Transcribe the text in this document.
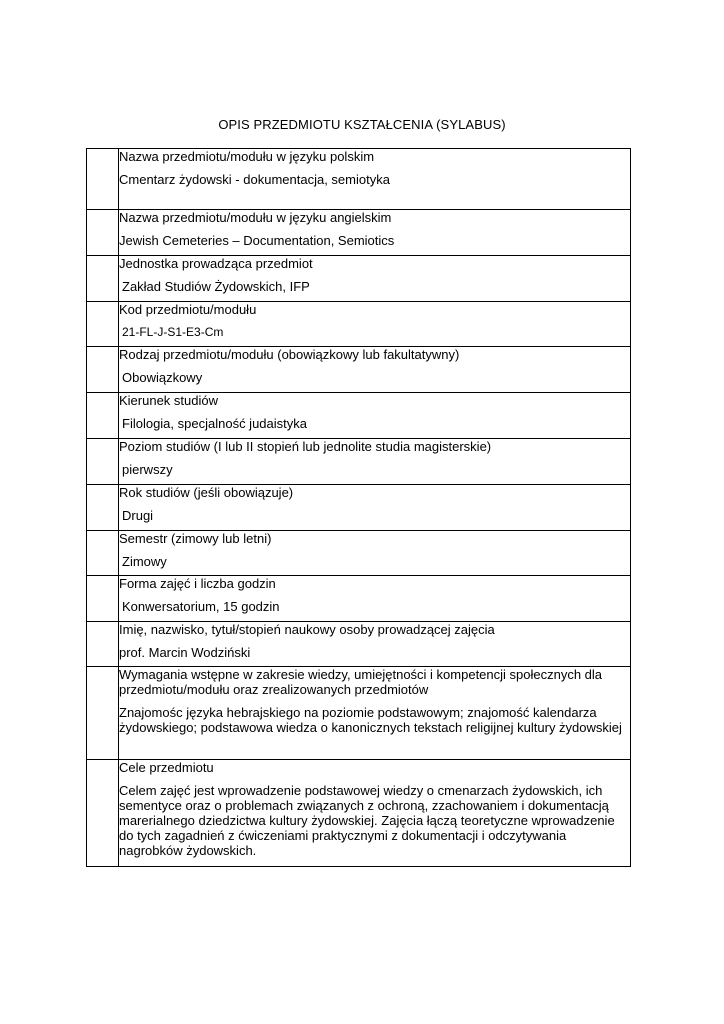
OPIS PRZEDMIOTU KSZTAŁCENIA (SYLABUS)

	Nazwa przedmiotu/modułu w języku polskim
Cmentarz żydowski - dokumentacja, semiotyka

	Nazwa przedmiotu/modułu w języku angielskim
Jewish Cemeteries – Documentation, Semiotics

	Jednostka prowadząca przedmiot
Zakład Studiów Żydowskich, IFP

	Kod przedmiotu/modułu
21-FL-J-S1-E3-Cm

	Rodzaj przedmiotu/modułu (obowiązkowy lub fakultatywny)
Obowiązkowy

	Kierunek studiów
Filologia, specjalność judaistyka

	Poziom studiów (I lub II stopień lub jednolite studia magisterskie)
pierwszy

	Rok studiów (jeśli obowiązuje)
Drugi

	Semestr (zimowy lub letni)
Zimowy

	Forma zajęć i liczba godzin
Konwersatorium, 15 godzin

	Imię, nazwisko, tytuł/stopień naukowy osoby prowadzącej zajęcia
prof. Marcin Wodziński

	Wymagania wstępne w zakresie wiedzy, umiejętności i kompetencji społecznych dla przedmiotu/modułu oraz zrealizowanych przedmiotów
Znajomośc języka hebrajskiego na poziomie podstawowym; znajomość kalendarza żydowskiego; podstawowa wiedza o kanonicznych tekstach religijnej kultury żydowskiej

	Cele przedmiotu
Celem zajęć jest wprowadzenie podstawowej wiedzy o cmenarzach żydowskich, ich sementyce oraz o problemach związanych z ochroną, zzachowaniem i dokumentacją marerialnego dziedzictwa kultury żydowskiej. Zajęcia łączą teoretyczne wprowadzenie do tych zagadnień z ćwiczeniami praktycznymi z dokumentacji i odczytywania nagrobków żydowskich.
